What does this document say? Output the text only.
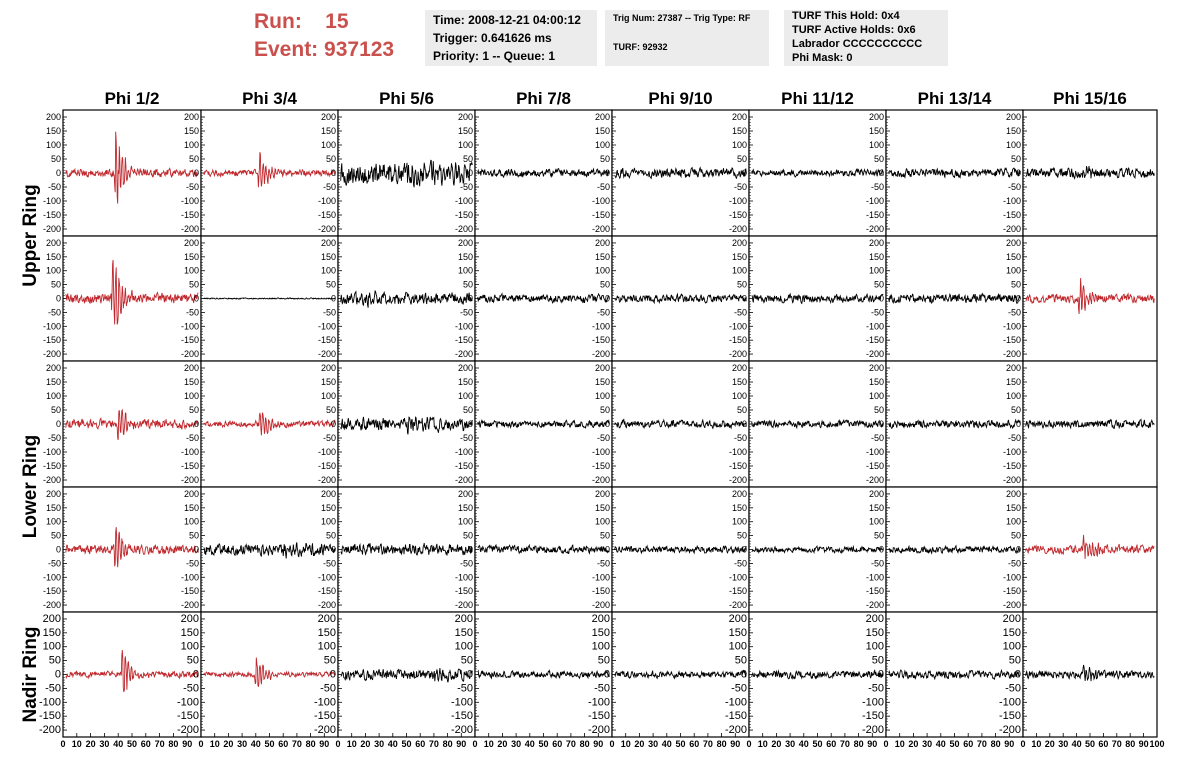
Run: 15
Event: 937123
Time: 2008-12-21 04:00:12
Trigger: 0.641626 ms
Priority: 1 -- Queue: 1
Trig Num: 27387 -- Trig Type: RF
TURF: 92932
TURF This Hold: 0x4
TURF Active Holds: 0x6
Labrador CCCCCCCCCC
Phi Mask: 0
Phi 1/2	Phi 3/4	Phi 5/6	Phi 7/8	Phi 9/10	Phi 11/12	Phi 13/14	Phi 15/16
Upper Ring
Lower Ring
Nadir Ring
-200
-150
-100
-50
0
50
100
150
200
-200
-150
-100
-50
0
50
100
150
200
-200
-150
-100
-50
0
50
100
150
200
-200
-150
-100
-50
0
50
100
150
200
-200
-150
-100
-50
0
50
100
150
200
-200
-150
-100
-50
0
50
100
150
200
-200
-150
-100
-50
0
50
100
150
200
-200
-150
-100
-50
0
50
100
150
200
-200
-150
-100
-50
0
50
100
150
200
-200
-150
-100
-50
0
50
100
150
200
-200
-150
-100
-50
0
50
100
150
200
-200
-150
-100
-50
0
50
100
150
200
-200
-150
-100
-50
0
50
100
150
200
-200
-150
-100
-50
0
50
100
150
200
-200
-150
-100
-50
0
50
100
150
200
-200
-150
-100
-50
0
50
100
150
200
-200
-150
-100
-50
0
50
100
150
200
-200
-150
-100
-50
0
50
100
150
200
-200
-150
-100
-50
0
50
100
150
200
-200
-150
-100
-50
0
50
100
150
200
-200
-150
-100
-50
0
50
100
150
200
-200
-150
-100
-50
0
50
100
150
200
-200
-150
-100
-50
0
50
100
150
200
-200
-150
-100
-50
0
50
100
150
200
-200
-150
-100
-50
0
50
100
150
200
-200
-150
-100
-50
0
50
100
150
200
-200
-150
-100
-50
0
50
100
150
200
-200
-150
-100
-50
0
50
100
150
200
-200
-150
-100
-50
0
50
100
150
200
-200
-150
-100
-50
0
50
100
150
200
-200
-150
-100
-50
0
50
100
150
200
-200
-150
-100
-50
0
50
100
150
200
-200
-150
-100
-50
0
50
100
150
200
0 10 20 30 40 50 60 70 80 90
-200
-150
-100
-50
0
50
100
150
200
0 10 20 30 40 50 60 70 80 90
-200
-150
-100
-50
0
50
100
150
200
0 10 20 30 40 50 60 70 80 90
-200
-150
-100
-50
0
50
100
150
200
0 10 20 30 40 50 60 70 80 90
-200
-150
-100
-50
0
50
100
150
200
0 10 20 30 40 50 60 70 80 90
-200
-150
-100
-50
0
50
100
150
200
0 10 20 30 40 50 60 70 80 90
-200
-150
-100
-50
0
50
100
150
200
0 10 20 30 40 50 60 70 80 90
-200
-150
-100
-50
0
50
100
150
200
0 10 20 30 40 50 60 70 80 90 100
